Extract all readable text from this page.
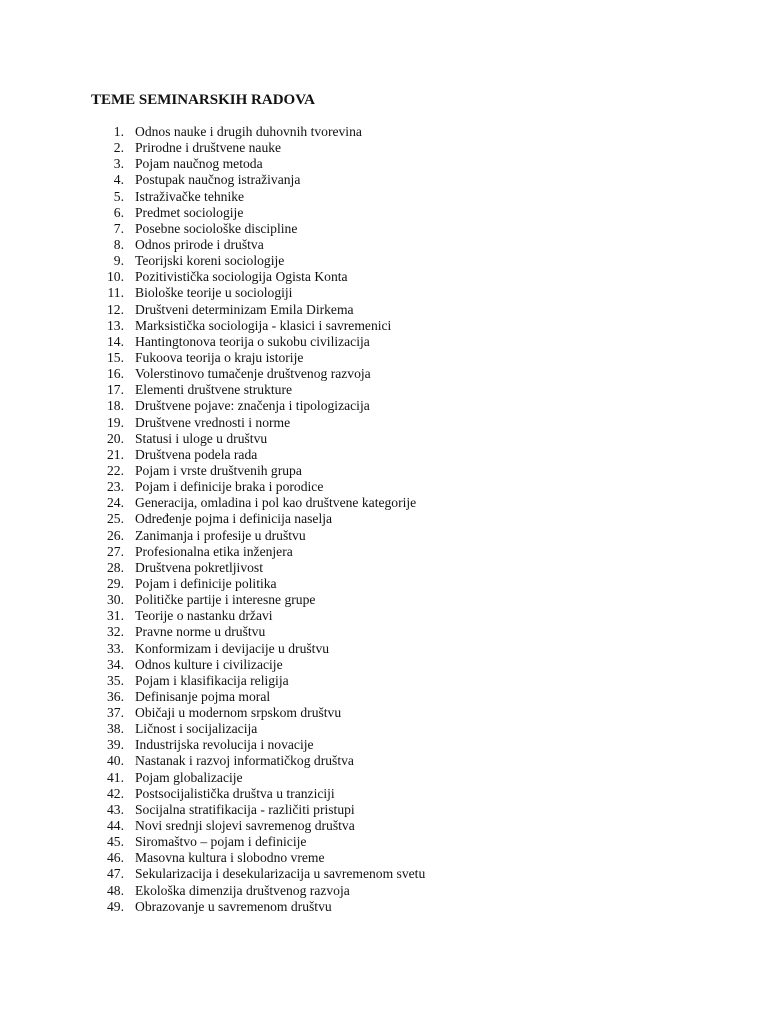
TEME SEMINARSKIH RADOVA
1. Odnos nauke i drugih duhovnih tvorevina
2. Prirodne i društvene nauke
3. Pojam naučnog metoda
4. Postupak naučnog istraživanja
5. Istraživačke tehnike
6. Predmet sociologije
7. Posebne sociološke discipline
8. Odnos prirode i društva
9. Teorijski koreni sociologije
10. Pozitivistička sociologija Ogista Konta
11. Biološke teorije u sociologiji
12. Društveni determinizam Emila Dirkema
13. Marksistička sociologija - klasici i savremenici
14. Hantingtonova teorija o sukobu civilizacija
15. Fukoova teorija o kraju istorije
16. Volerstinovo tumačenje društvenog razvoja
17. Elementi društvene strukture
18. Društvene pojave: značenja i tipologizacija
19. Društvene vrednosti i norme
20. Statusi i uloge u društvu
21. Društvena podela rada
22. Pojam i vrste društvenih grupa
23. Pojam i definicije braka i porodice
24. Generacija, omladina i pol kao društvene kategorije
25. Određenje pojma i definicija naselja
26. Zanimanja i profesije u društvu
27. Profesionalna etika inženjera
28. Društvena pokretljivost
29. Pojam i definicije politika
30. Političke partije i interesne grupe
31. Teorije o nastanku državi
32. Pravne norme u društvu
33. Konformizam i devijacije u društvu
34. Odnos kulture i civilizacije
35. Pojam i klasifikacija religija
36. Definisanje pojma moral
37. Običaji u modernom srpskom društvu
38. Ličnost i socijalizacija
39. Industrijska revolucija i novacije
40. Nastanak i razvoj informatičkog društva
41. Pojam globalizacije
42. Postsocijalistička društva u tranziciji
43. Socijalna stratifikacija - različiti pristupi
44. Novi srednji slojevi savremenog društva
45. Siromaštvo – pojam i definicije
46. Masovna kultura i slobodno vreme
47. Sekularizacija i desekularizacija u savremenom svetu
48. Ekološka dimenzija društvenog razvoja
49. Obrazovanje u savremenom društvu
